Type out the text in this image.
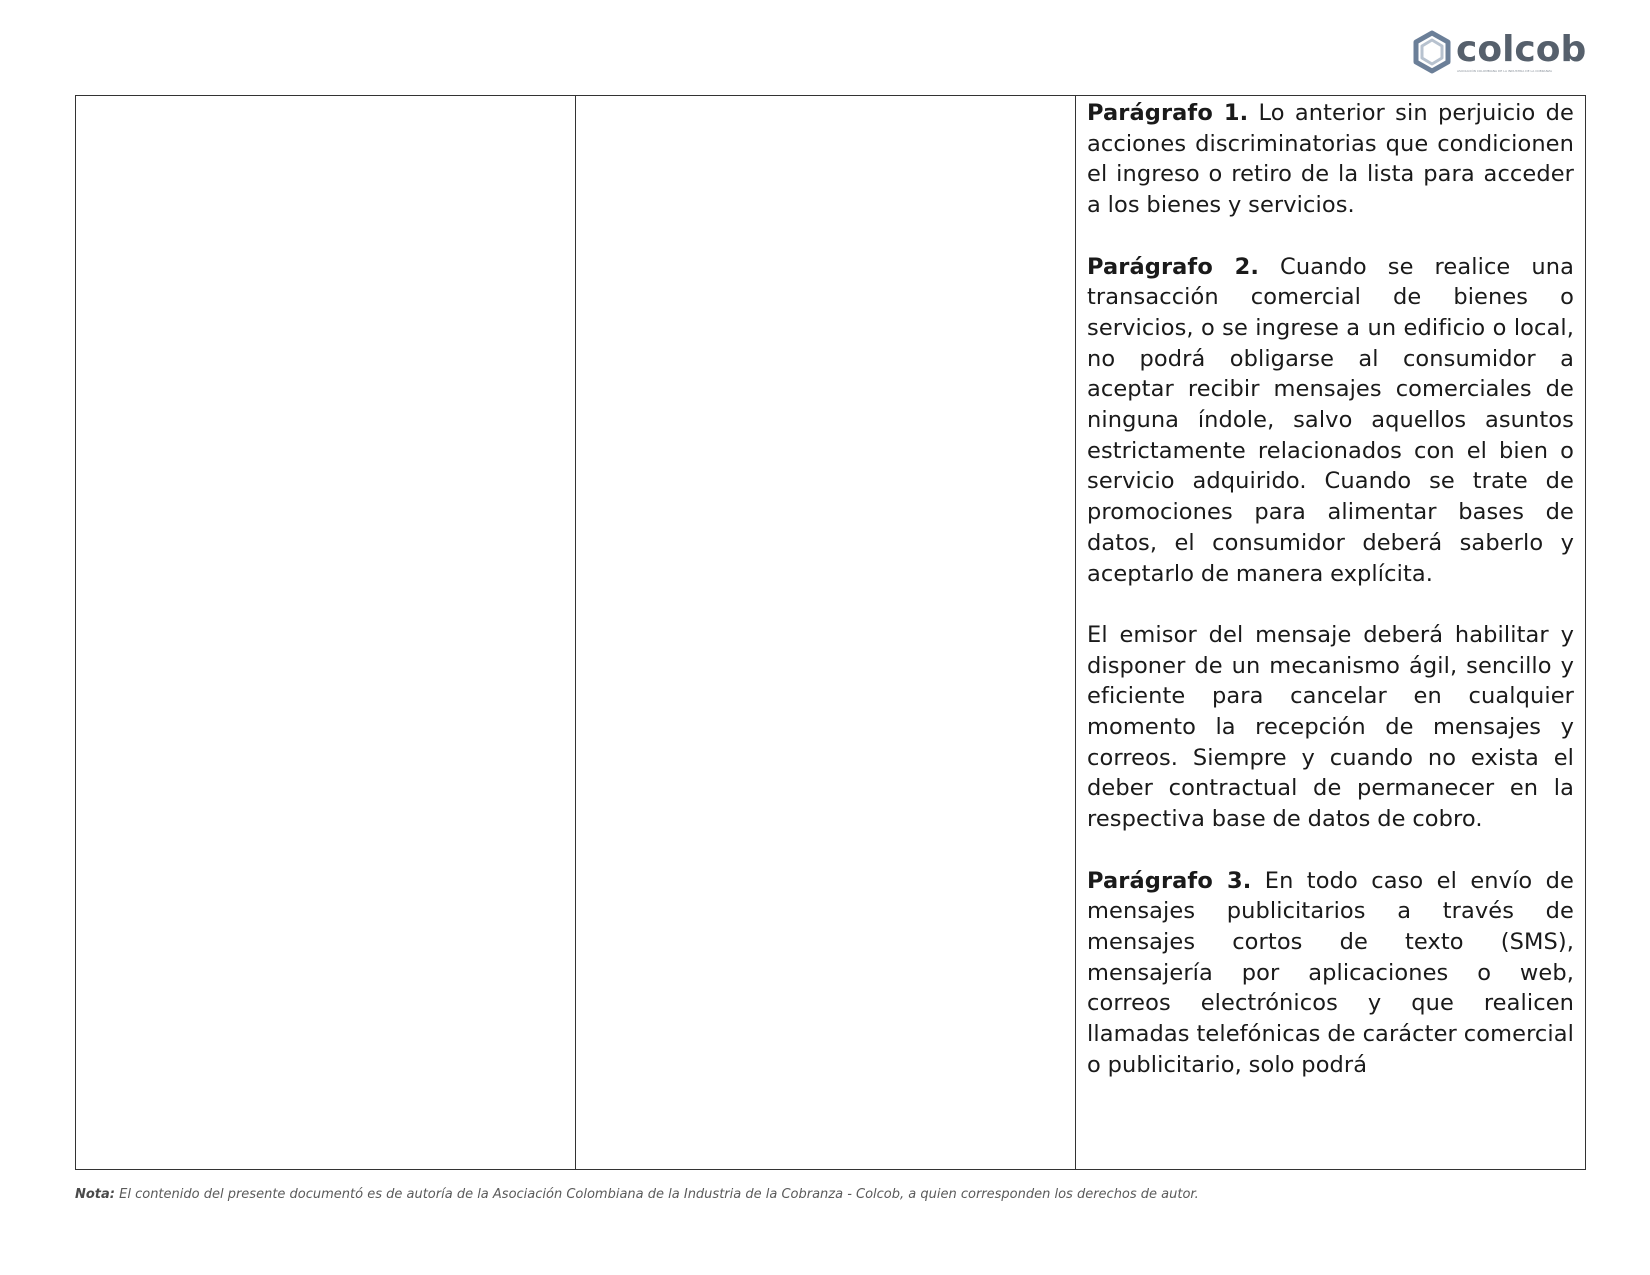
colcob
ASOCIACIÓN COLOMBIANA DE LA INDUSTRIA DE LA COBRANZA

Parágrafo 1. Lo anterior sin perjuicio de acciones discriminatorias que condicionen el ingreso o retiro de la lista para acceder a los bienes y servicios.

Parágrafo 2. Cuando se realice una transacción comercial de bienes o servicios, o se ingrese a un edificio o local, no podrá obligarse al consumidor a aceptar recibir mensajes comerciales de ninguna índole, salvo aquellos asuntos estrictamente relacionados con el bien o servicio adquirido. Cuando se trate de promociones para alimentar bases de datos, el consumidor deberá saberlo y aceptarlo de manera explícita.

El emisor del mensaje deberá habilitar y disponer de un mecanismo ágil, sencillo y eficiente para cancelar en cualquier momento la recepción de mensajes y correos. Siempre y cuando no exista el deber contractual de permanecer en la respectiva base de datos de cobro.

Parágrafo 3. En todo caso el envío de mensajes publicitarios a través de mensajes cortos de texto (SMS), mensajería por aplicaciones o web, correos electrónicos y que realicen llamadas telefónicas de carácter comercial o publicitario, solo podrá

Nota: El contenido del presente documentó es de autoría de la Asociación Colombiana de la Industria de la Cobranza - Colcob, a quien corresponden los derechos de autor.
